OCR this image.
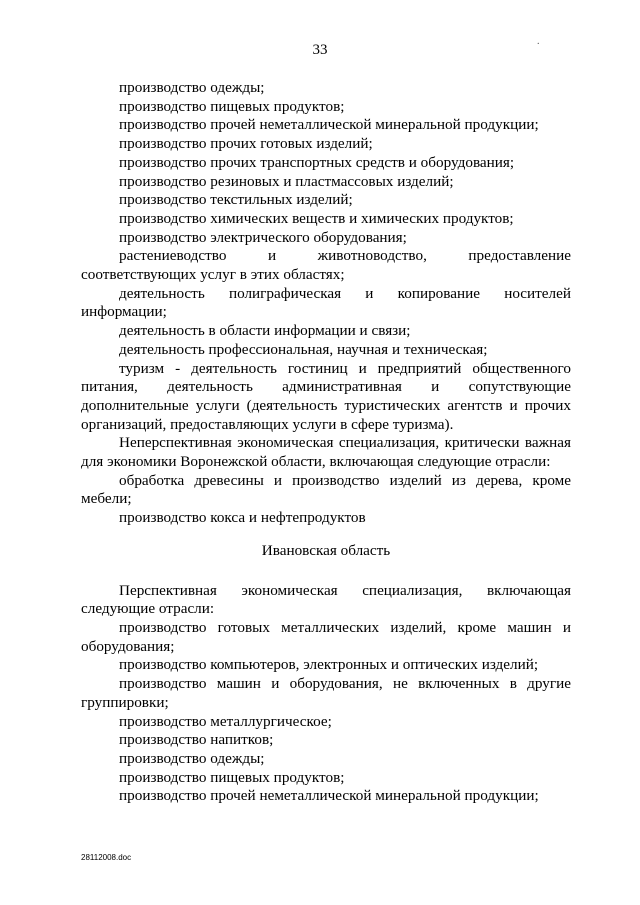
33
.

производство одежды;

производство пищевых продуктов;

производство прочей неметаллической минеральной продукции;

производство прочих готовых изделий;

производство прочих транспортных средств и оборудования;

производство резиновых и пластмассовых изделий;

производство текстильных изделий;

производство химических веществ и химических продуктов;

производство электрического оборудования;

растениеводство и животноводство, предоставление соответствующих услуг в этих областях;

деятельность полиграфическая и копирование носителей информации;

деятельность в области информации и связи;

деятельность профессиональная, научная и техническая;

туризм - деятельность гостиниц и предприятий общественного питания, деятельность административная и сопутствующие дополнительные услуги (деятельность туристических агентств и прочих организаций, предоставляющих услуги в сфере туризма).

Неперспективная экономическая специализация, критически важная для экономики Воронежской области, включающая следующие отрасли:

обработка древесины и производство изделий из дерева, кроме мебели;

производство кокса и нефтепродуктов

Ивановская область

Перспективная экономическая специализация, включающая следующие отрасли:

производство готовых металлических изделий, кроме машин и оборудования;

производство компьютеров, электронных и оптических изделий;

производство машин и оборудования, не включенных в другие группировки;

производство металлургическое;

производство напитков;

производство одежды;

производство пищевых продуктов;

производство прочей неметаллической минеральной продукции;

28112008.doc
